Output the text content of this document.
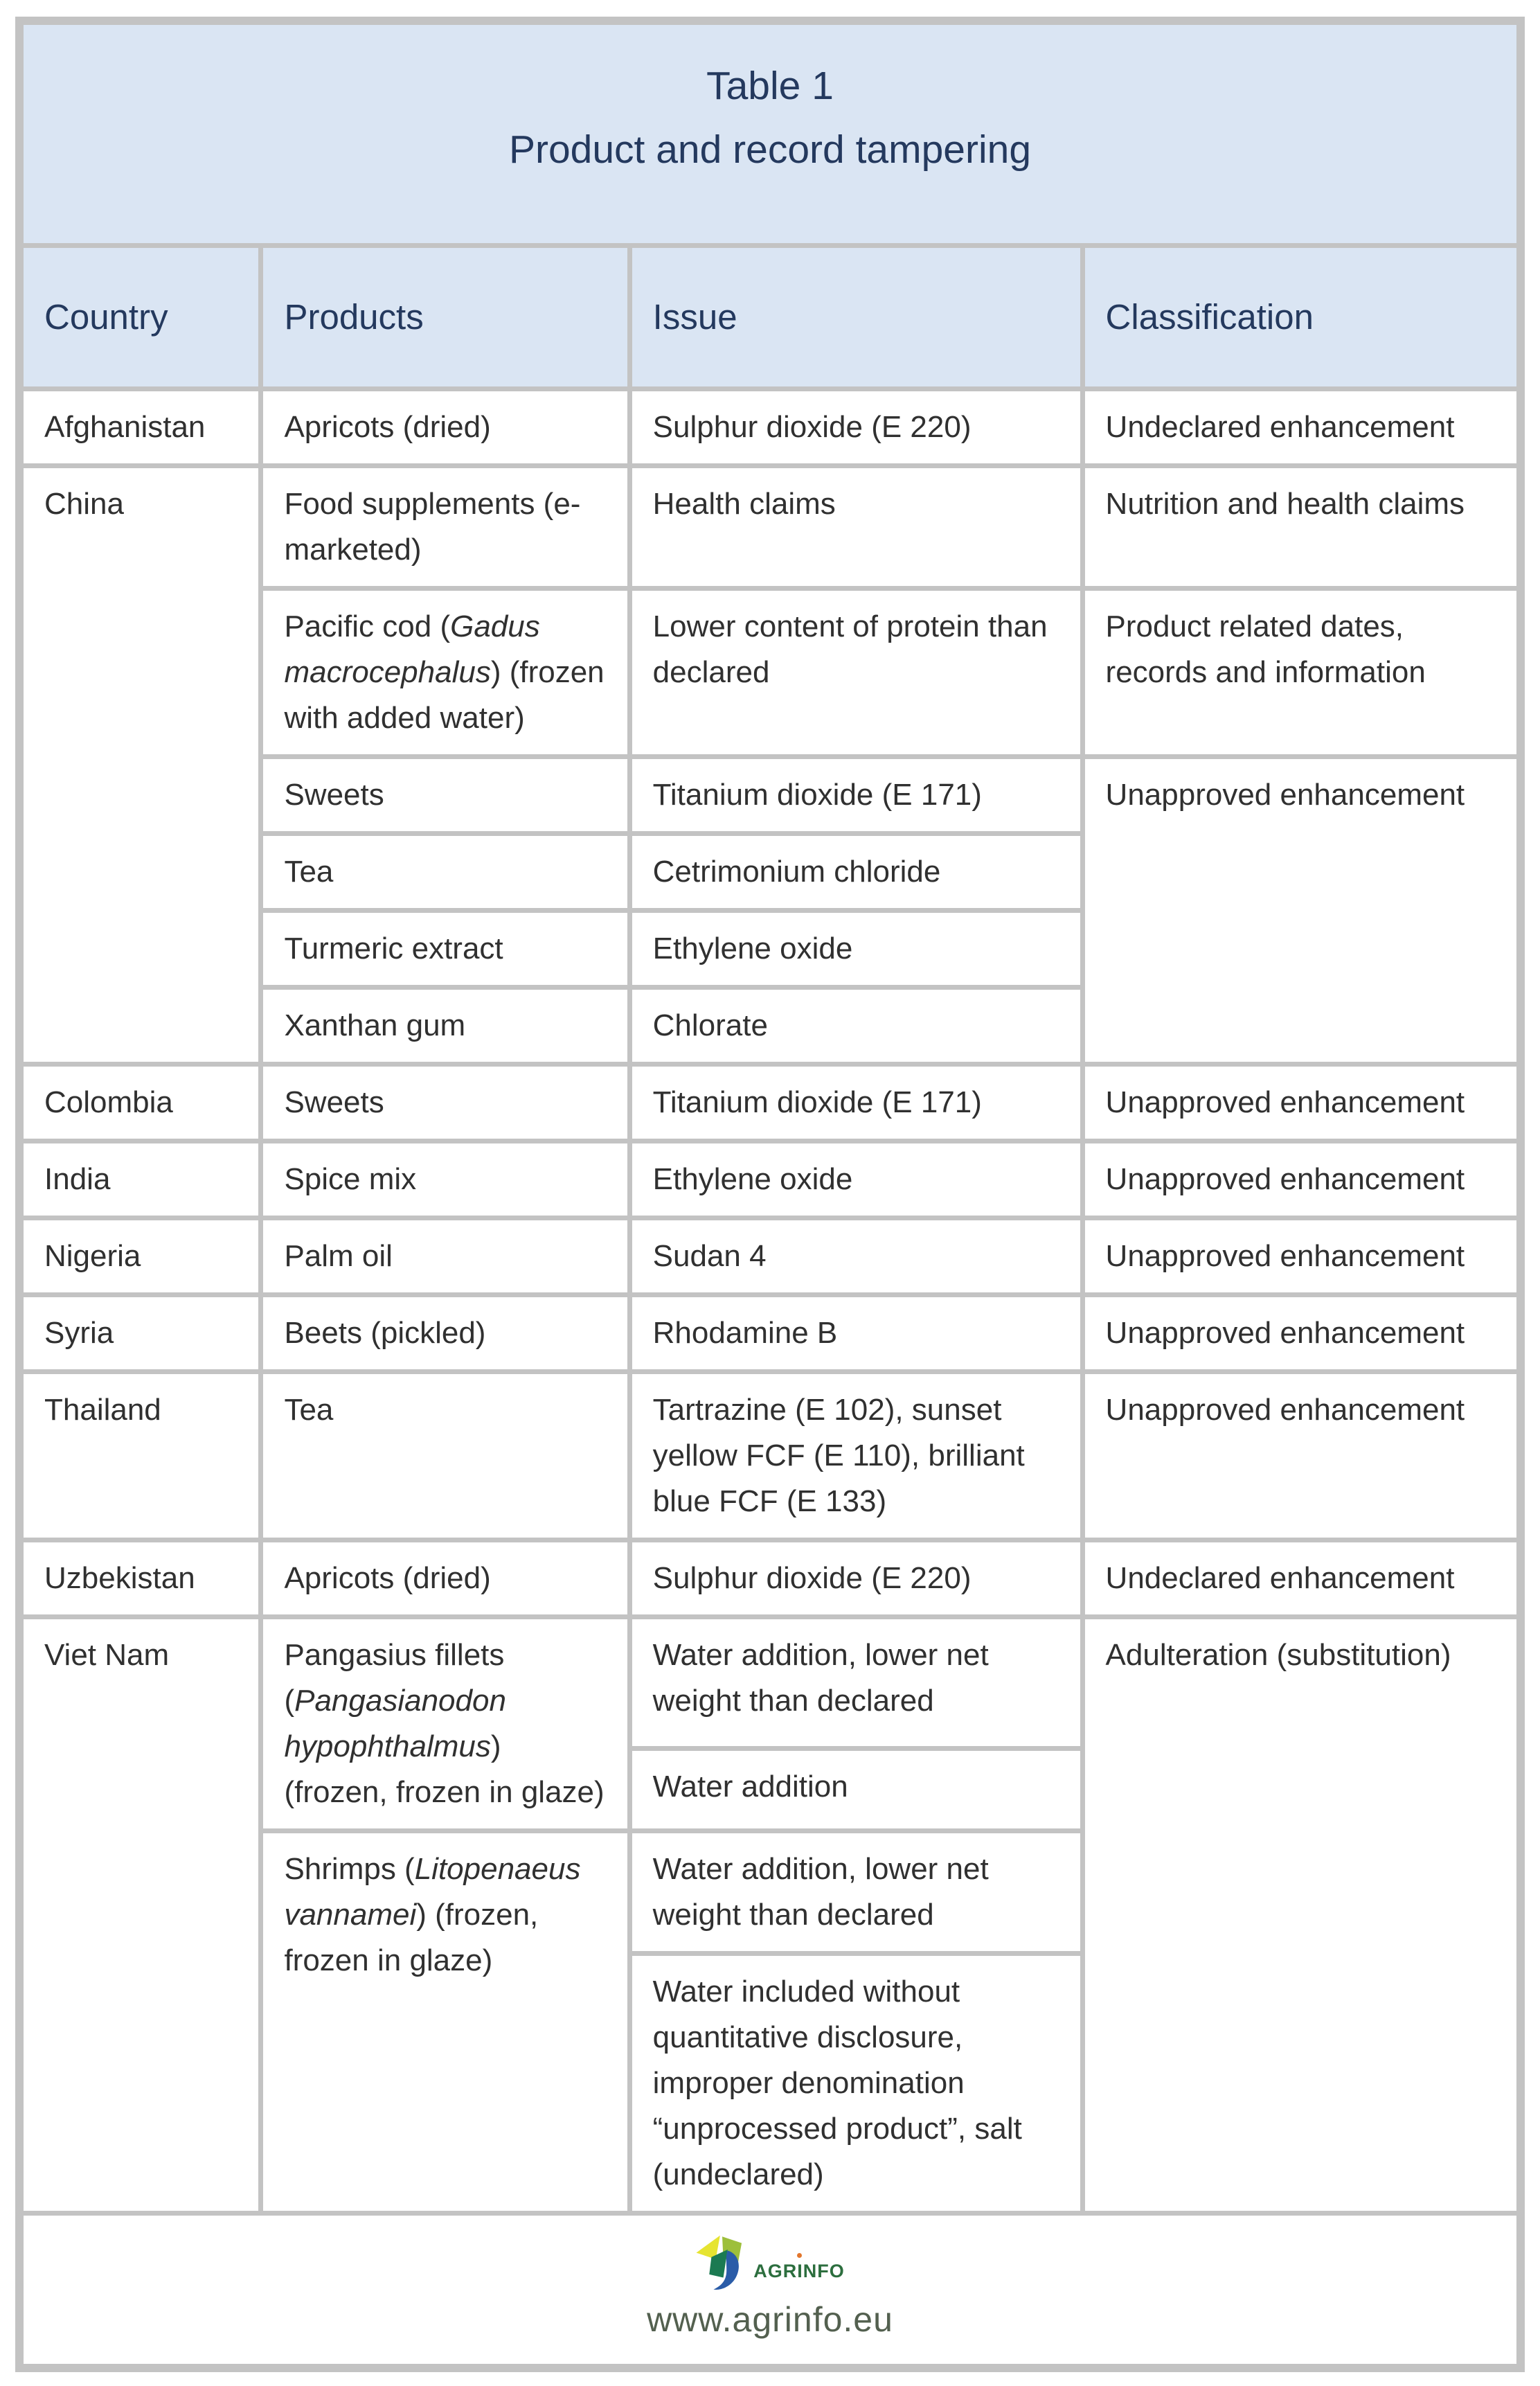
Table 1
Product and record tampering			

Country	Products	Issue	Classification
Afghanistan	Apricots (dried)	Sulphur dioxide (E 220)	Undeclared enhancement
China	Food supplements (e-marketed)	Health claims	Nutrition and health claims
	Pacific cod (Gadus macrocephalus) (frozen with added water)	Lower content of protein than declared	Product related dates, records and information
	Sweets	Titanium dioxide (E 171)	Unapproved enhancement
	Tea	Cetrimonium chloride	
	Turmeric extract	Ethylene oxide	
	Xanthan gum	Chlorate	
Colombia	Sweets	Titanium dioxide (E 171)	Unapproved enhancement
India	Spice mix	Ethylene oxide	Unapproved enhancement
Nigeria	Palm oil	Sudan 4	Unapproved enhancement
Syria	Beets (pickled)	Rhodamine B	Unapproved enhancement
Thailand	Tea	Tartrazine (E 102), sunset yellow FCF (E 110), brilliant blue FCF (E 133)	Unapproved enhancement
Uzbekistan	Apricots (dried)	Sulphur dioxide (E 220)	Undeclared enhancement
Viet Nam	Pangasius fillets (Pangasianodon hypophthalmus) (frozen, frozen in glaze)	Water addition, lower net weight than declared	Adulteration (substitution)
		Water addition	
	Shrimps (Litopenaeus vannamei) (frozen, frozen in glaze)	Water addition, lower net weight than declared	
		Water included without quantitative disclosure, improper denomination “unprocessed product”, salt (undeclared)	

AGRINFO
www.agrinfo.eu			
